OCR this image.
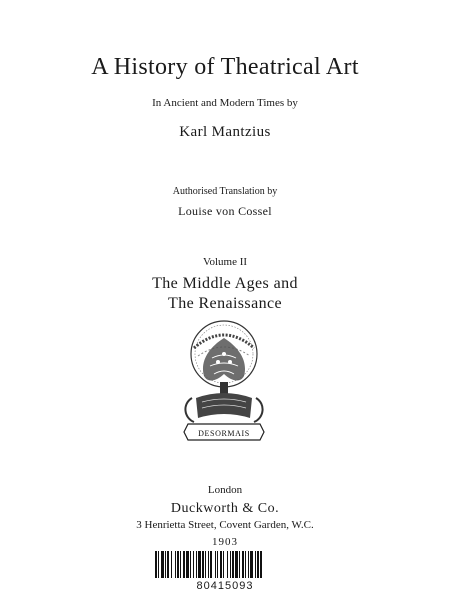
A History of Theatrical Art
In Ancient and Modern Times by
Karl Mantzius
Authorised Translation by
Louise von Cossel
Volume II
The Middle Ages and
The Renaissance
DESORMAIS
London
Duckworth & Co.
3 Henrietta Street, Covent Garden, W.C.
1903
80415093
